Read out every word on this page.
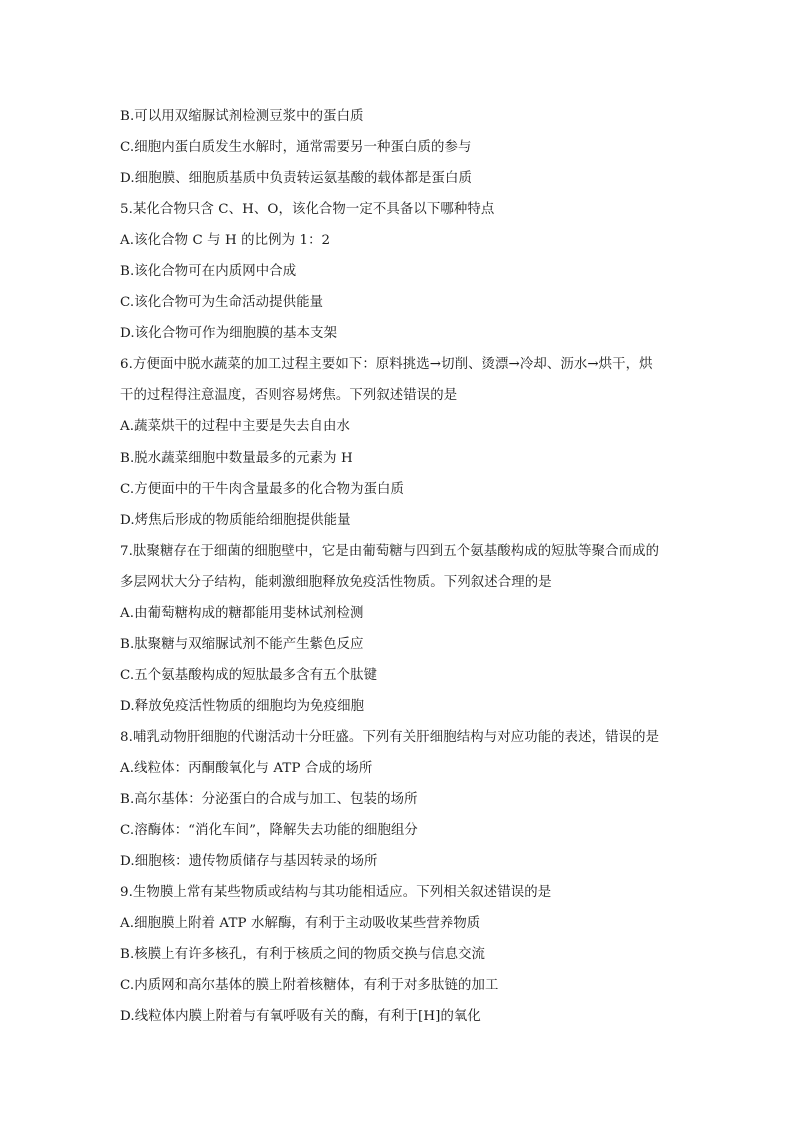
B.可以用双缩脲试剂检测豆浆中的蛋白质
C.细胞内蛋白质发生水解时，通常需要另一种蛋白质的参与
D.细胞膜、细胞质基质中负责转运氨基酸的载体都是蛋白质
5.某化合物只含 C、H、O，该化合物一定不具备以下哪种特点
A.该化合物 C 与 H 的比例为 1：2
B.该化合物可在内质网中合成
C.该化合物可为生命活动提供能量
D.该化合物可作为细胞膜的基本支架
6.方便面中脱水蔬菜的加工过程主要如下：原料挑选→切削、烫漂→冷却、沥水→烘干，烘
干的过程得注意温度，否则容易烤焦。下列叙述错误的是
A.蔬菜烘干的过程中主要是失去自由水
B.脱水蔬菜细胞中数量最多的元素为 H
C.方便面中的干牛肉含量最多的化合物为蛋白质
D.烤焦后形成的物质能给细胞提供能量
7.肽聚糖存在于细菌的细胞壁中，它是由葡萄糖与四到五个氨基酸构成的短肽等聚合而成的
多层网状大分子结构，能刺激细胞释放免疫活性物质。下列叙述合理的是
A.由葡萄糖构成的糖都能用斐林试剂检测
B.肽聚糖与双缩脲试剂不能产生紫色反应
C.五个氨基酸构成的短肽最多含有五个肽键
D.释放免疫活性物质的细胞均为免疫细胞
8.哺乳动物肝细胞的代谢活动十分旺盛。下列有关肝细胞结构与对应功能的表述，错误的是
A.线粒体：丙酮酸氧化与 ATP 合成的场所
B.高尔基体：分泌蛋白的合成与加工、包装的场所
C.溶酶体：“消化车间”，降解失去功能的细胞组分
D.细胞核：遗传物质储存与基因转录的场所
9.生物膜上常有某些物质或结构与其功能相适应。下列相关叙述错误的是
A.细胞膜上附着 ATP 水解酶，有利于主动吸收某些营养物质
B.核膜上有许多核孔，有利于核质之间的物质交换与信息交流
C.内质网和高尔基体的膜上附着核糖体，有利于对多肽链的加工
D.线粒体内膜上附着与有氧呼吸有关的酶，有利于[H]的氧化
